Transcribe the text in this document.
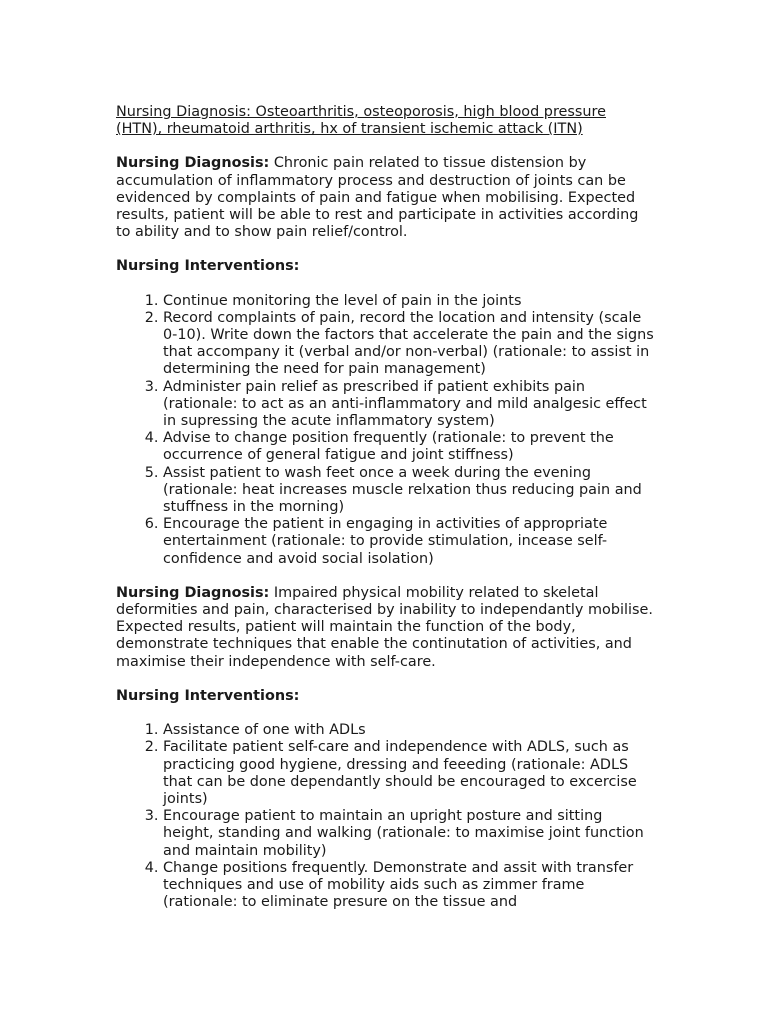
Nursing Diagnosis: Osteoarthritis, osteoporosis, high blood pressure (HTN), rheumatoid arthritis, hx of transient ischemic attack (ITN)

Nursing Diagnosis: Chronic pain related to tissue distension by accumulation of inflammatory process and destruction of joints can be evidenced by complaints of pain and fatigue when mobilising. Expected results, patient will be able to rest and participate in activities according to ability and to show pain relief/control.

Nursing Interventions:

1. Continue monitoring the level of pain in the joints
2. Record complaints of pain, record the location and intensity (scale 0-10). Write down the factors that accelerate the pain and the signs that accompany it (verbal and/or non-verbal) (rationale: to assist in determining the need for pain management)
3. Administer pain relief as prescribed if patient exhibits pain (rationale: to act as an anti-inflammatory and mild analgesic effect in supressing the acute inflammatory system)
4. Advise to change position frequently (rationale: to prevent the occurrence of general fatigue and joint stiffness)
5. Assist patient to wash feet once a week during the evening (rationale: heat increases muscle relxation thus reducing pain and stuffness in the morning)
6. Encourage the patient in engaging in activities of appropriate entertainment (rationale: to provide stimulation, incease self-confidence and avoid social isolation)

Nursing Diagnosis: Impaired physical mobility related to skeletal deformities and pain, characterised by inability to independantly mobilise. Expected results, patient will maintain the function of the body, demonstrate techniques that enable the continutation of activities, and maximise their independence with self-care.

Nursing Interventions:

1. Assistance of one with ADLs
2. Facilitate patient self-care and independence with ADLS, such as practicing good hygiene, dressing and feeeding (rationale: ADLS that can be done dependantly should be encouraged to excercise joints)
3. Encourage patient to maintain an upright posture and sitting height, standing and walking (rationale: to maximise joint function and maintain mobility)
4. Change positions frequently. Demonstrate and assit with transfer techniques and use of mobility aids such as zimmer frame (rationale: to eliminate presure on the tissue and
